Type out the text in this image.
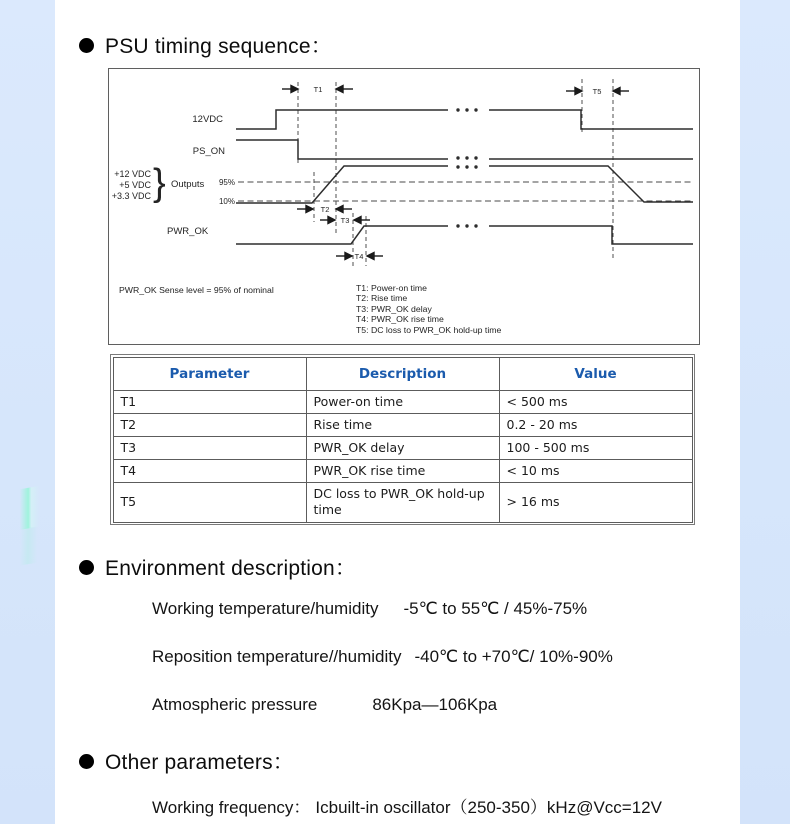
PSU timing sequence：
T1	T5
T2
T3
T4
12VDC
PS_ON
+12 VDC
+5 VDC
+3.3 VDC } Outputs 95%
10%
PWR_OK
PWR_OK Sense level = 95% of nominal	T1: Power-on time
T2: Rise time
T3: PWR_OK delay
T4: PWR_OK rise time
T5: DC loss to PWR_OK hold-up time
Parameter	Description	Value
T1	Power-on time	< 500 ms
T2	Rise time	0.2 - 20 ms
T3	PWR_OK delay	100 - 500 ms
T4	PWR_OK rise time	< 10 ms
T5	DC loss to PWR_OK hold-up time	> 16 ms
Environment description：
Working temperature/humidity -5℃ to 55℃ / 45%-75%
Reposition temperature//humidity -40℃ to +70℃/ 10%-90%
Atmospheric pressure	86Kpa—106Kpa
Other parameters：
Working frequency： Icbuilt-in oscillator（250-350）kHz@Vcc=12V
